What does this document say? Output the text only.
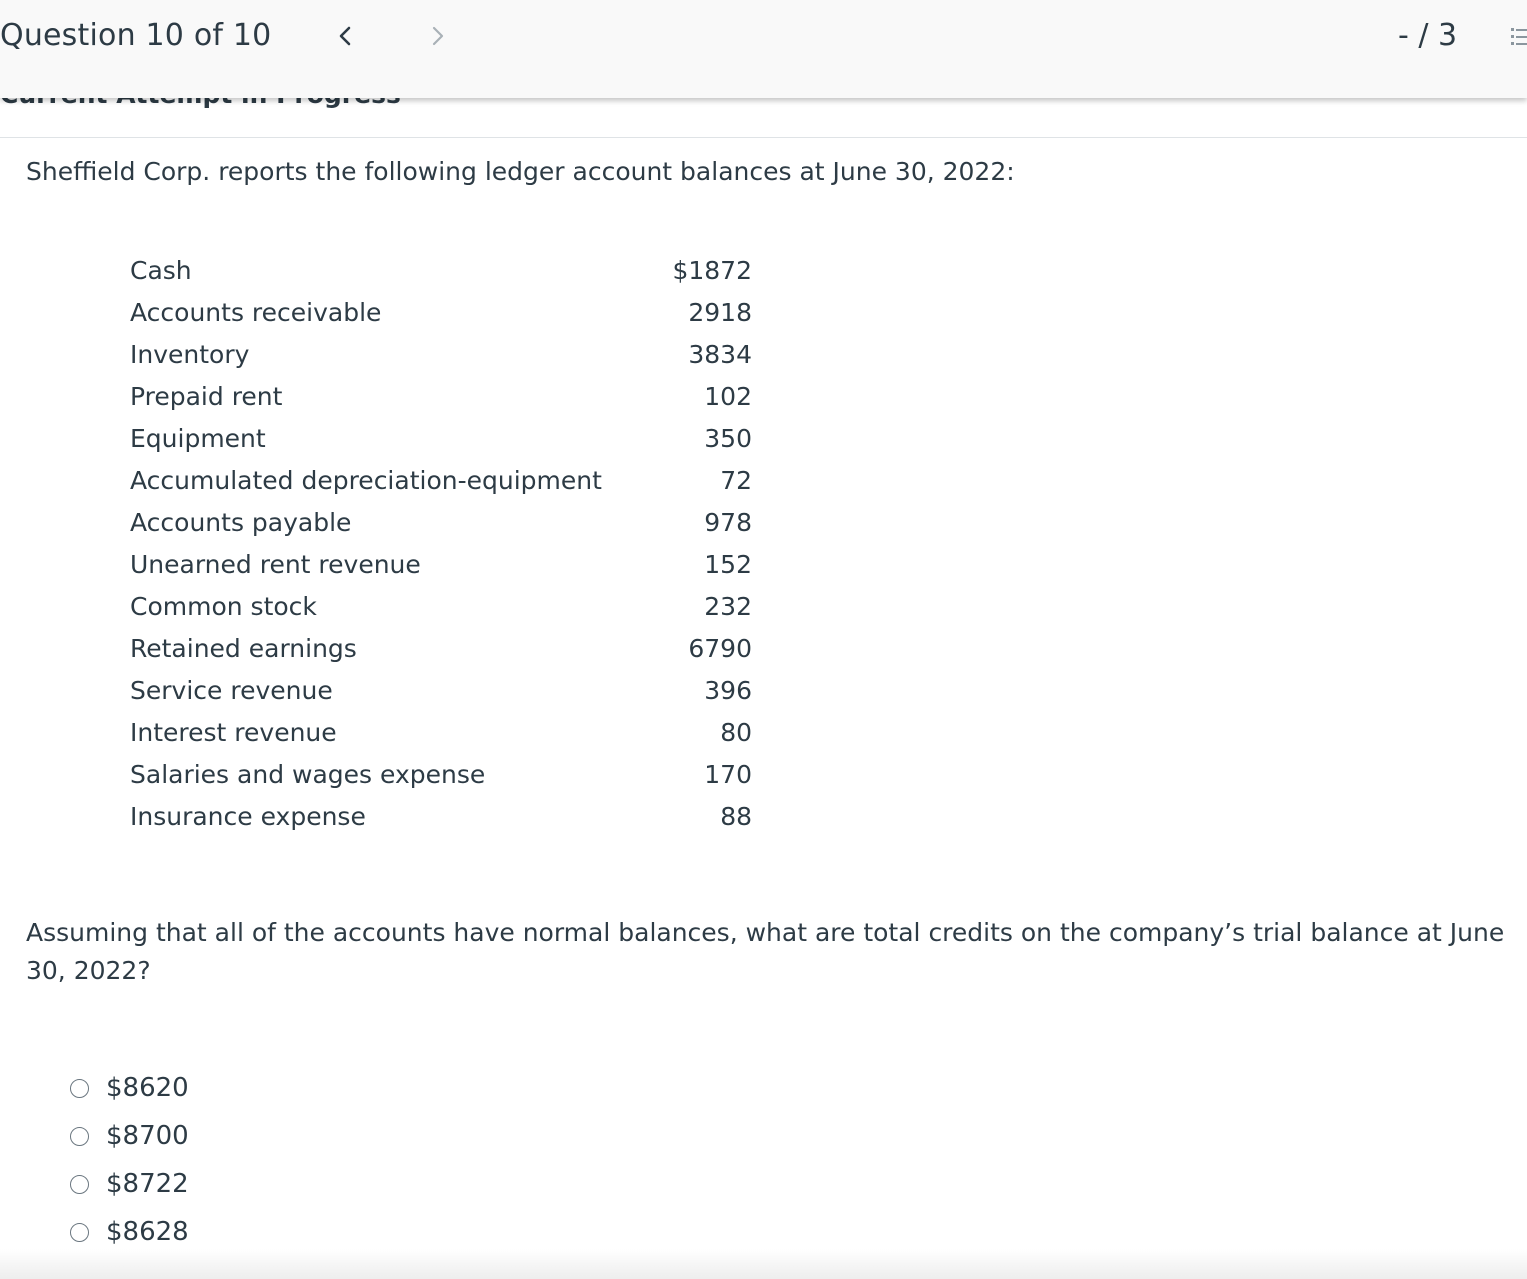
Question 10 of 10	- / 3
Sheffield Corp. reports the following ledger account balances at June 30, 2022:
Cash	$1872
Accounts receivable	2918
Inventory	3834
Prepaid rent	102
Equipment	350
Accumulated depreciation-equipment	72
Accounts payable	978
Unearned rent revenue	152
Common stock	232
Retained earnings	6790
Service revenue	396
Interest revenue	80
Salaries and wages expense	170
Insurance expense	88
Assuming that all of the accounts have normal balances, what are total credits on the company’s trial balance at June 30, 2022?
$8620
$8700
$8722
$8628
